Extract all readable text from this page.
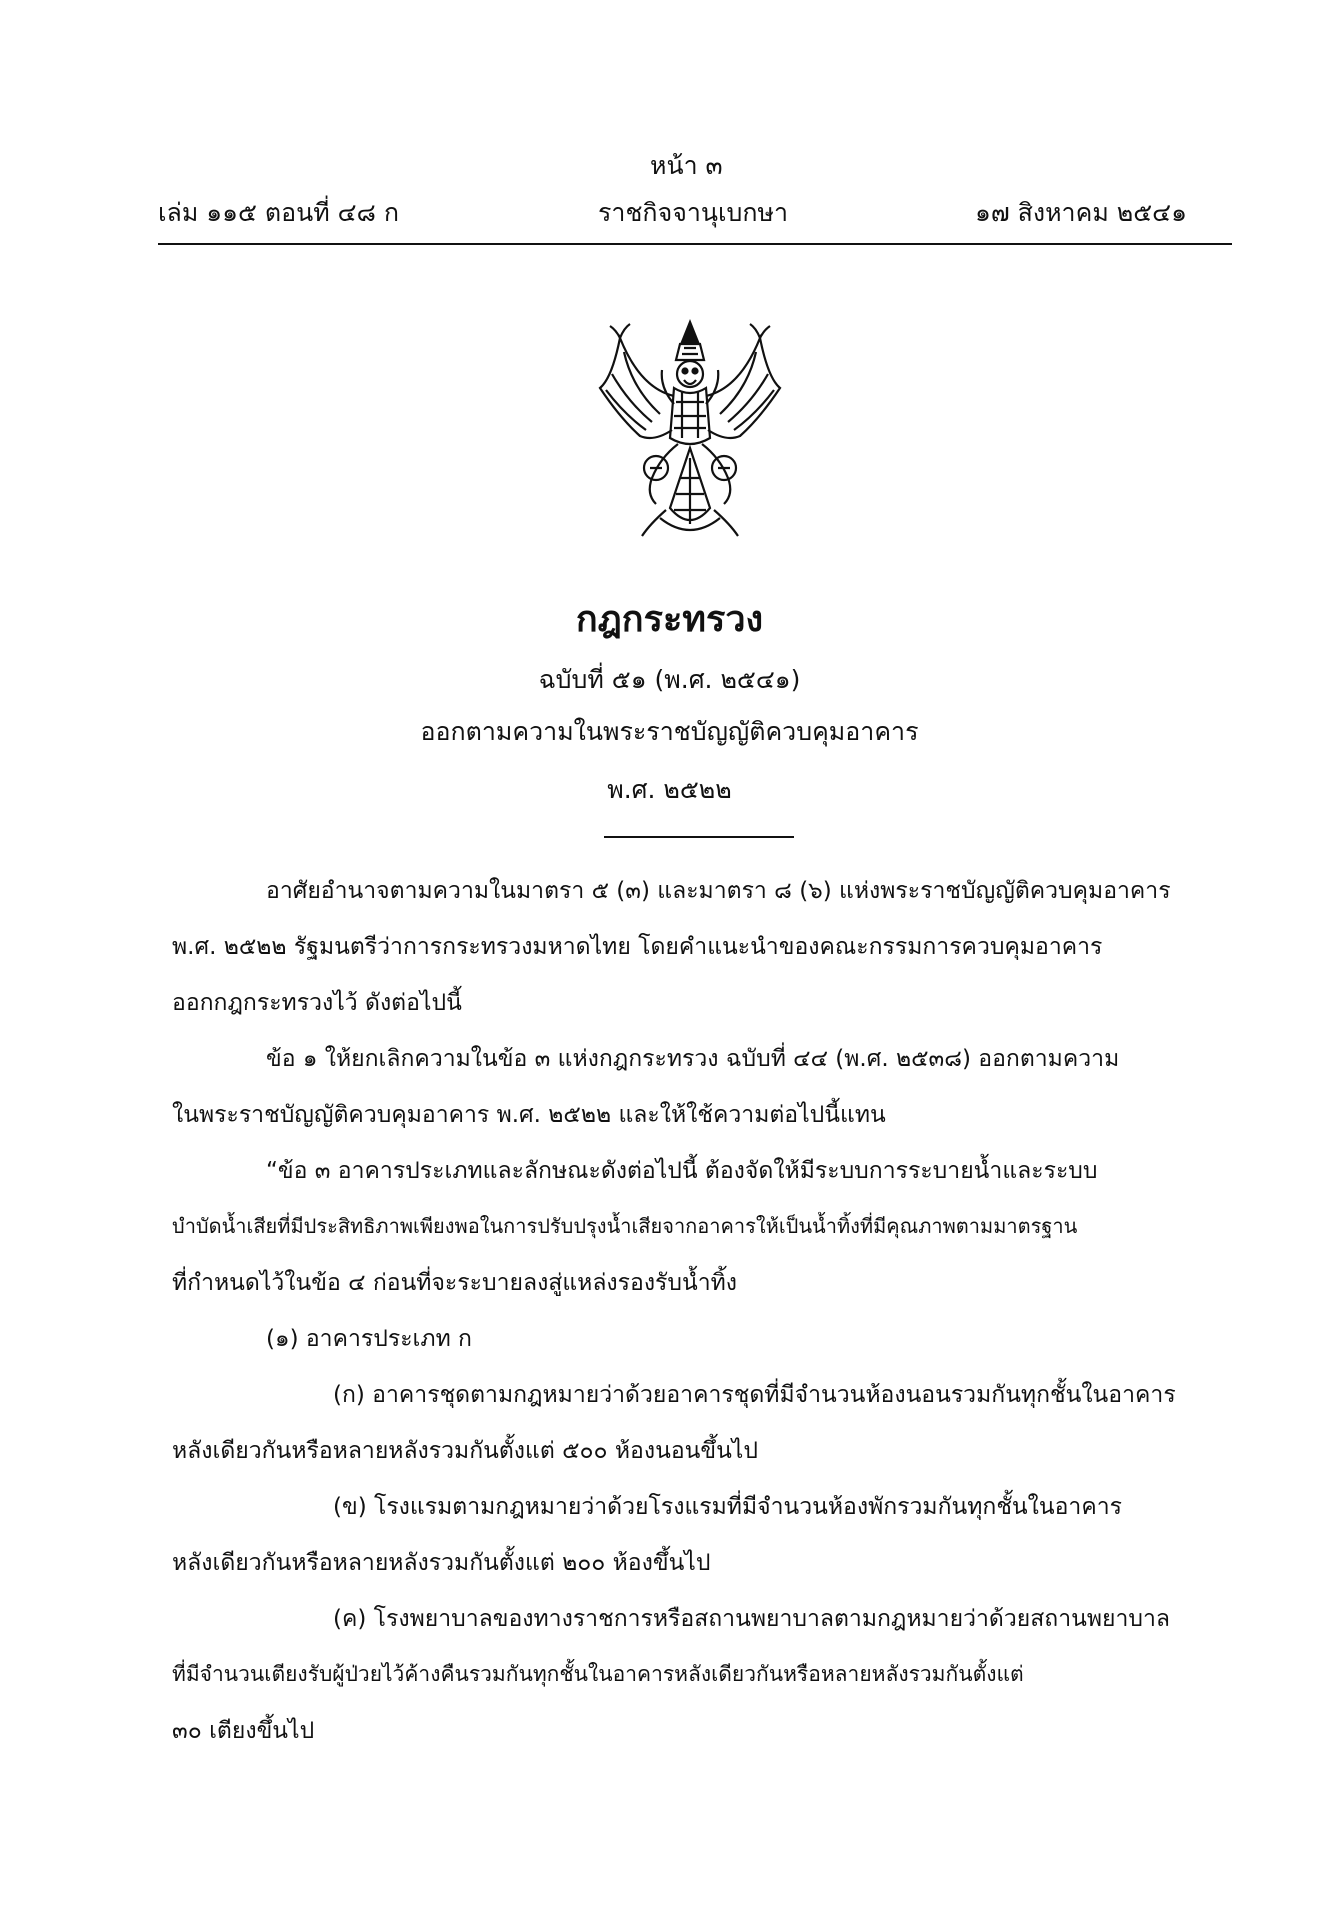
หน้า ๓
เล่ม ๑๑๕ ตอนที่ ๔๘ ก	ราชกิจจานุเบกษา	๑๗ สิงหาคม ๒๕๔๑
กฎกระทรวง
ฉบับที่ ๕๑ (พ.ศ. ๒๕๔๑)
ออกตามความในพระราชบัญญัติควบคุมอาคาร
พ.ศ. ๒๕๒๒
อาศัยอำนาจตามความในมาตรา ๕ (๓) และมาตรา ๘ (๖) แห่งพระราชบัญญัติควบคุมอาคาร
พ.ศ. ๒๕๒๒ รัฐมนตรีว่าการกระทรวงมหาดไทย โดยคำแนะนำของคณะกรรมการควบคุมอาคาร
ออกกฎกระทรวงไว้ ดังต่อไปนี้
ข้อ ๑ ให้ยกเลิกความในข้อ ๓ แห่งกฎกระทรวง ฉบับที่ ๔๔ (พ.ศ. ๒๕๓๘) ออกตามความ
ในพระราชบัญญัติควบคุมอาคาร พ.ศ. ๒๕๒๒ และให้ใช้ความต่อไปนี้แทน
“ข้อ ๓ อาคารประเภทและลักษณะดังต่อไปนี้ ต้องจัดให้มีระบบการระบายน้ำและระบบ
บำบัดน้ำเสียที่มีประสิทธิภาพเพียงพอในการปรับปรุงน้ำเสียจากอาคารให้เป็นน้ำทิ้งที่มีคุณภาพตามมาตรฐาน
ที่กำหนดไว้ในข้อ ๔ ก่อนที่จะระบายลงสู่แหล่งรองรับน้ำทิ้ง
(๑) อาคารประเภท ก
(ก) อาคารชุดตามกฎหมายว่าด้วยอาคารชุดที่มีจำนวนห้องนอนรวมกันทุกชั้นในอาคาร
หลังเดียวกันหรือหลายหลังรวมกันตั้งแต่ ๕๐๐ ห้องนอนขึ้นไป
(ข) โรงแรมตามกฎหมายว่าด้วยโรงแรมที่มีจำนวนห้องพักรวมกันทุกชั้นในอาคาร
หลังเดียวกันหรือหลายหลังรวมกันตั้งแต่ ๒๐๐ ห้องขึ้นไป
(ค) โรงพยาบาลของทางราชการหรือสถานพยาบาลตามกฎหมายว่าด้วยสถานพยาบาล
ที่มีจำนวนเตียงรับผู้ป่วยไว้ค้างคืนรวมกันทุกชั้นในอาคารหลังเดียวกันหรือหลายหลังรวมกันตั้งแต่
๓๐ เตียงขึ้นไป
